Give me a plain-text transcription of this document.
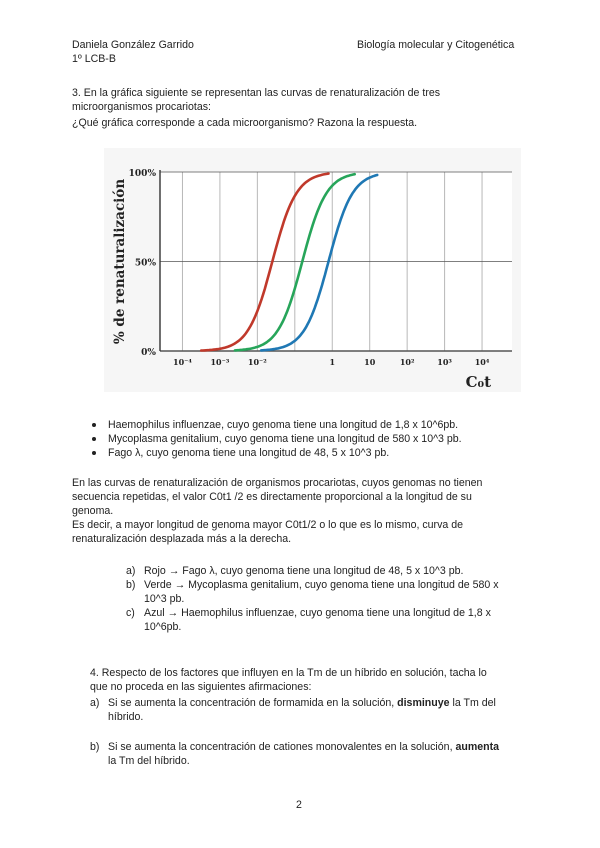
Daniela González Garrido
1º LCB-B
Biología molecular y Citogenética
3. En la gráfica siguiente se representan las curvas de renaturalización de tres
microorganismos procariotas:
¿Qué gráfica corresponde a cada microorganismo? Razona la respuesta.
0%
50%
100%
10⁻⁴ 10⁻³ 10⁻²	1	10	10²	10³	10⁴
% de renaturalización
C₀t
Haemophilus influenzae, cuyo genoma tiene una longitud de 1,8 x 10^6pb.
Mycoplasma genitalium, cuyo genoma tiene una longitud de 580 x 10^3 pb.
Fago λ, cuyo genoma tiene una longitud de 48, 5 x 10^3 pb.
En las curvas de renaturalización de organismos procariotas, cuyos genomas no tienen
secuencia repetidas, el valor C0t1 /2 es directamente proporcional a la longitud de su
genoma.
Es decir, a mayor longitud de genoma mayor C0t1/2 o lo que es lo mismo, curva de
renaturalización desplazada más a la derecha.
a) Rojo → Fago λ, cuyo genoma tiene una longitud de 48, 5 x 10^3 pb.
b) Verde → Mycoplasma genitalium, cuyo genoma tiene una longitud de 580 x
10^3 pb.
c) Azul → Haemophilus influenzae, cuyo genoma tiene una longitud de 1,8 x
10^6pb.
4. Respecto de los factores que influyen en la Tm de un híbrido en solución, tacha lo
que no proceda en las siguientes afirmaciones:
a) Si se aumenta la concentración de formamida en la solución, disminuye la Tm del
híbrido.
b) Si se aumenta la concentración de cationes monovalentes en la solución, aumenta
la Tm del híbrido.
2
